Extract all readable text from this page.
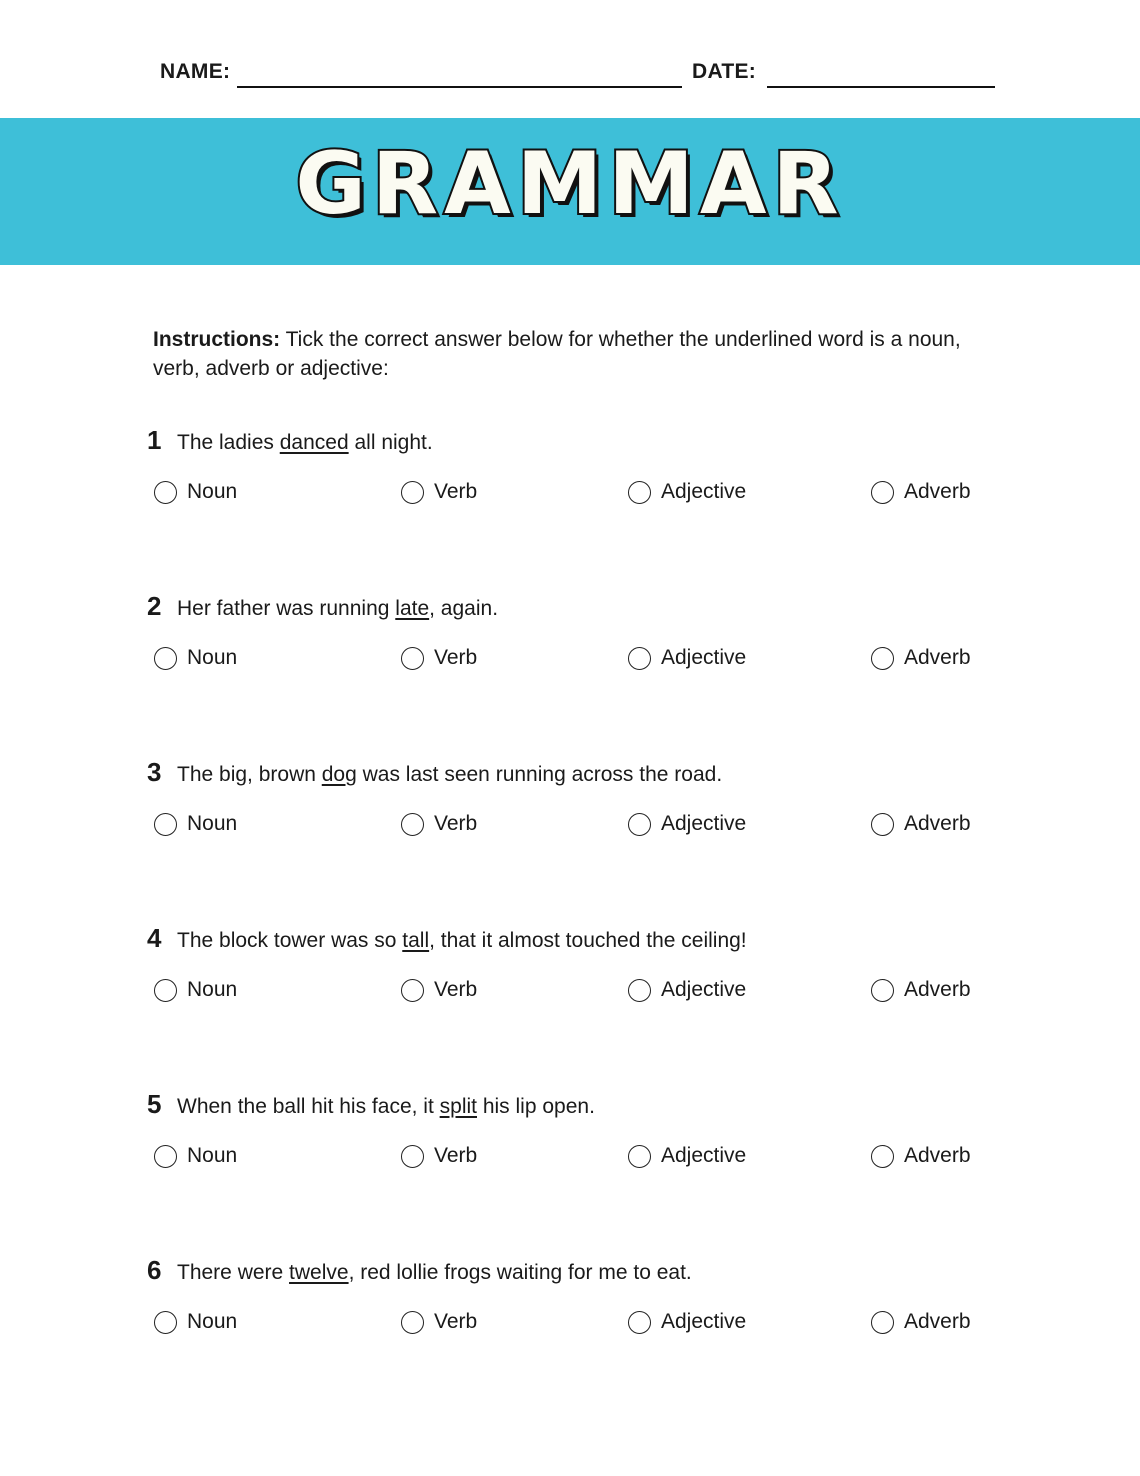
NAME:	DATE:
GRAMMAR
Instructions: Tick the correct answer below for whether the underlined word is a noun, verb, adverb or adjective:
1 The ladies danced all night.
Noun	Verb	Adjective	Adverb
2 Her father was running late, again.
Noun	Verb	Adjective	Adverb
3 The big, brown dog was last seen running across the road.
Noun	Verb	Adjective	Adverb
4 The block tower was so tall, that it almost touched the ceiling!
Noun	Verb	Adjective	Adverb
5 When the ball hit his face, it split his lip open.
Noun	Verb	Adjective	Adverb
6 There were twelve, red lollie frogs waiting for me to eat.
Noun	Verb	Adjective	Adverb
